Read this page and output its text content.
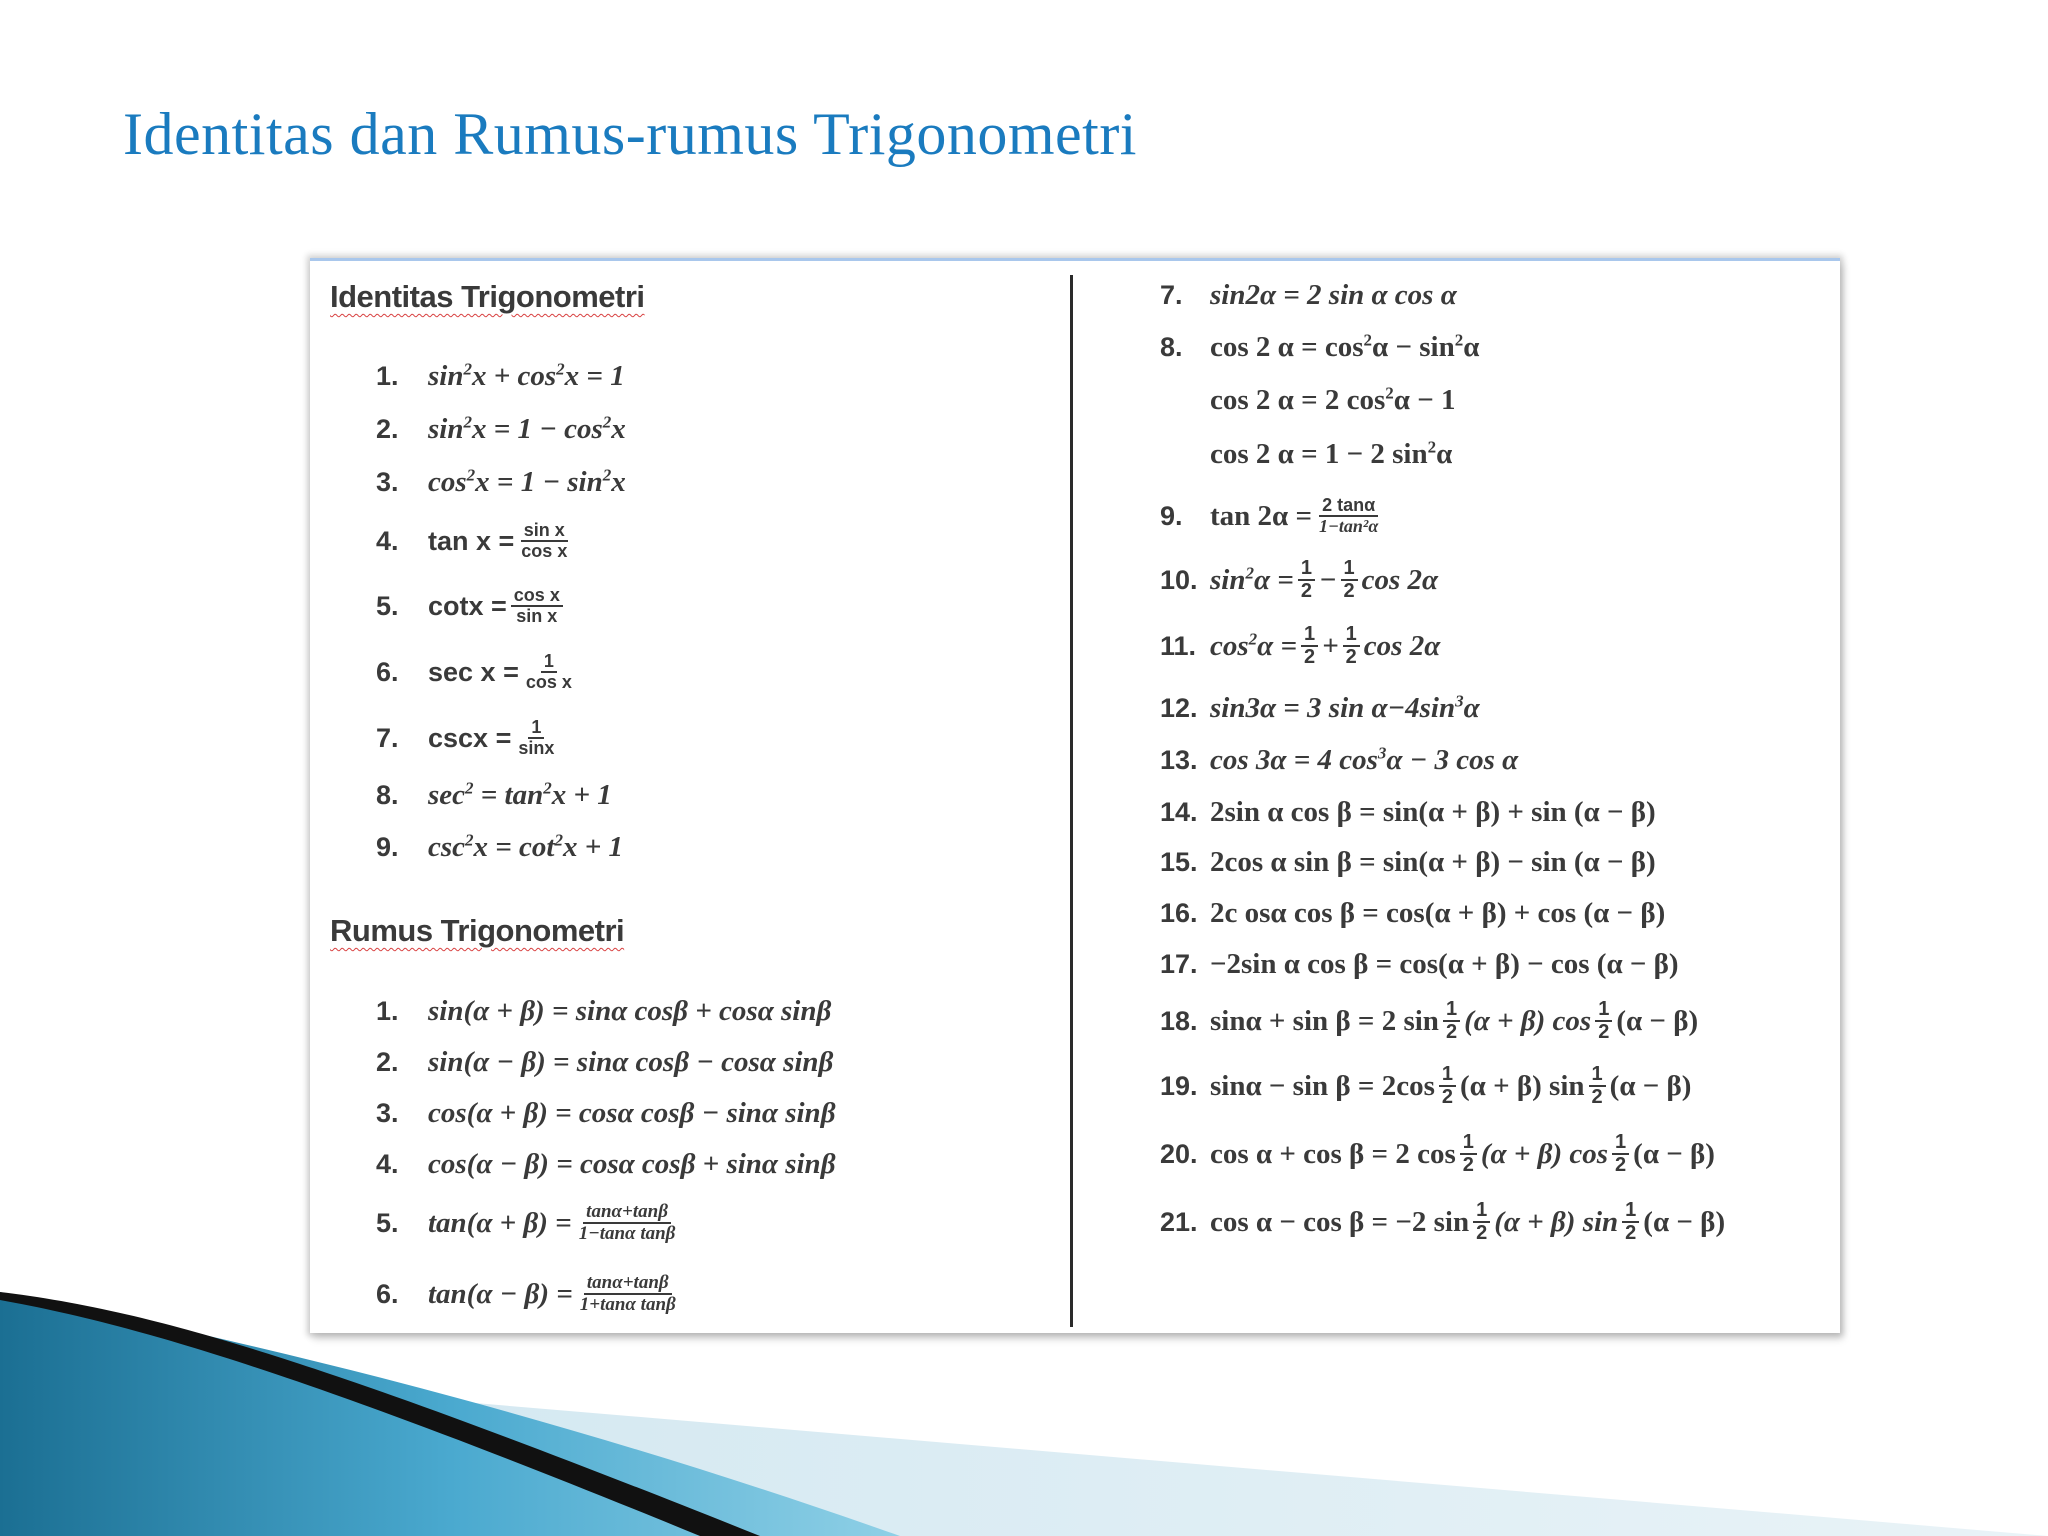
Identitas dan Rumus-rumus Trigonometri
Identitas Trigonometri
1.	$\sin^2x + \cos^2x = 1$
2.	$\sin^2x = 1 - \cos^2x$
3.	$\cos^2x = 1 - \sin^2x$
4.	$\tan x = \frac{\text{sin x}}{\text{cos x}}$
5.	$\cot x = \frac{\text{cos x}}{\text{sin x}}$
6.	$\sec x = \frac{1}{\text{cos x}}$
7.	$\csc x = \frac{1}{\sin x}$
8.	$\sec^2 = \tan^2x + 1$
9.	$\csc^2x = \cot^2x + 1$
Rumus Trigonometri
1.	sin(α + β) = sinα cosβ + cosα sinβ
2.	sin(α − β) = sinα cosβ − cosα sinβ
3.	cos(α + β) = cosα cosβ − sinα sinβ
4.	cos(α − β) = cosα cosβ + sinα sinβ
5.	$\tan(\alpha + \beta) = \frac{\tan\alpha+\tan\beta}{\text{1−tanα tanβ}}$
6.	$\tan(\alpha - \beta) = \frac{\tan\alpha+\tan\beta}{\text{1+tanα tanβ}}$
7. sin2α = 2 sin α cos α
8. cos 2 $\alpha = \cos^2\alpha - \sin^2\alpha$
cos 2 α = 2 $\cos^2\alpha - 1$
cos 2 α = 1 − 2 $\sin^2\alpha$
9. $\tan 2\alpha = \frac{2 \tan\alpha}{\text{1−tan²α}}$
10. $\sin^2\alpha = \frac{1}{2} - \frac{1}{2}$ cos 2α
11. $\cos^2\alpha = \frac{1}{2} + \frac{1}{2}$ cos 2α
12. sin3α = 3 $\sin \alpha-4\sin^3\alpha$
13. cos 3α = 4 $\cos^3\alpha - 3$ cos α
14. 2sin α cos β = sin(α + β) + sin (α − β)
15. 2cos α sin β = sin(α + β) − sin (α − β)
16. 2c osα cos β = cos(α + β) + cos (α − β)
17. −2sin α cos β = cos(α + β) − cos (α − β)
18. sinα + sin β = 2 $\sin \frac{1}{2} (\alpha + \beta)$ $\cos \frac{1}{2} (\alpha - \beta)$
19. $\sin\alpha - \sin \beta = 2\cos \frac{1}{2} (\alpha + \beta)$ $\sin \frac{1}{2} (\alpha - \beta)$
20. cos α + cos β = 2 $\cos \frac{1}{2} (\alpha + \beta)$ $\cos \frac{1}{2} (\alpha - \beta)$
21. cos α − cos β = −2 $\sin \frac{1}{2} (\alpha + \beta)$ $\sin \frac{1}{2} (\alpha - \beta)$
